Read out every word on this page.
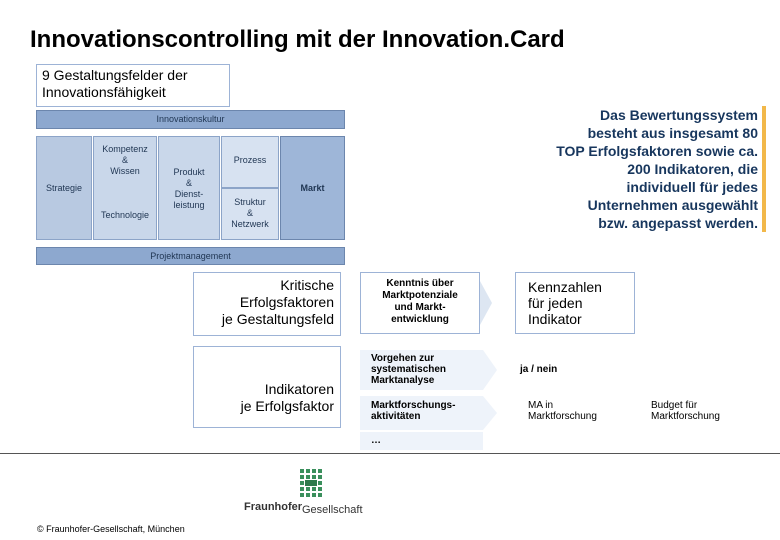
Innovationscontrolling mit der Innovation.Card
9 Gestaltungsfelder der
Innovationsfähigkeit
Innovationskultur
Strategie
Kompetenz
&
Wissen
Technologie
Produkt
&
Dienst-
leistung
Prozess
Struktur
&
Netzwerk
Markt
Projektmanagement
Das Bewertungssystem
besteht aus insgesamt 80
TOP Erfolgsfaktoren sowie ca.
200 Indikatoren, die
individuell für jedes
Unternehmen ausgewählt
bzw. angepasst werden.
Kritische
Erfolgsfaktoren
je Gestaltungsfeld
Indikatoren
je Erfolgsfaktor
Kenntnis über
Marktpotenziale
und Markt-
entwicklung
Kennzahlen
für jeden
Indikator
Vorgehen zur
systematischen
Marktanalyse
ja / nein
Marktforschungs-
aktivitäten
MA in
Marktforschung
Budget für
Marktforschung
…
Fraunhofer Gesellschaft
© Fraunhofer-Gesellschaft, München
